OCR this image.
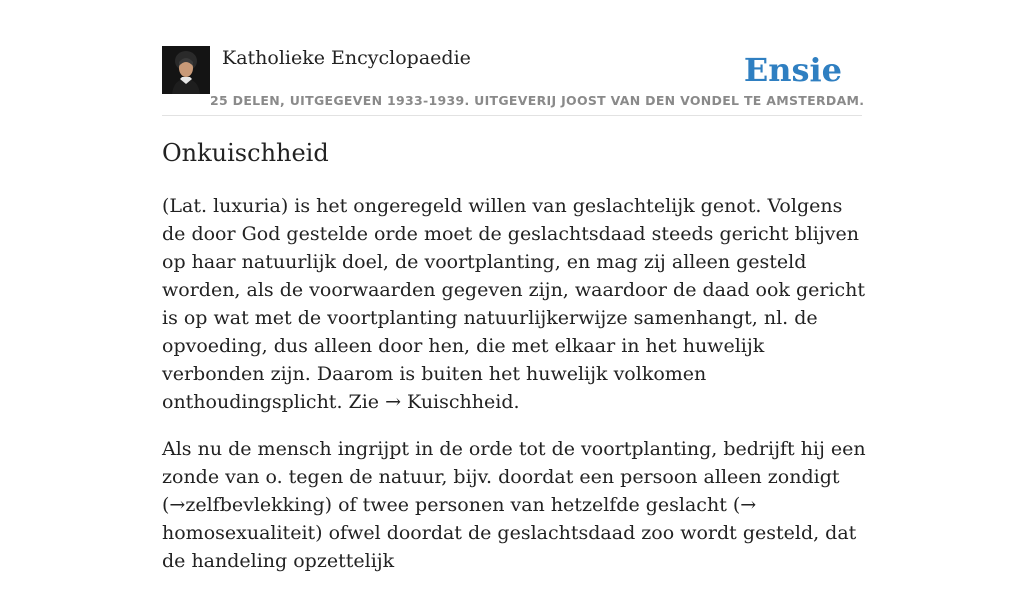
Katholieke Encyclopaedie
25 DELEN, UITGEGEVEN 1933-1939. UITGEVERIJ JOOST VAN DEN VONDEL TE AMSTERDAM.
Ensie
Onkuischheid

(Lat. luxuria) is het ongeregeld willen van geslachtelijk genot. Volgens de door God gestelde orde moet de geslachtsdaad steeds gericht blijven op haar natuurlijk doel, de voortplanting, en mag zij alleen gesteld worden, als de voorwaarden gegeven zijn, waardoor de daad ook gericht is op wat met de voortplanting natuurlijkerwijze samenhangt, nl. de opvoeding, dus alleen door hen, die met elkaar in het huwelijk verbonden zijn. Daarom is buiten het huwelijk volkomen onthoudingsplicht. Zie → Kuischheid.

Als nu de mensch ingrijpt in de orde tot de voortplanting, bedrijft hij een zonde van o. tegen de natuur, bijv. doordat een persoon alleen zondigt (→zelfbevlekking) of twee personen van hetzelfde geslacht (→ homosexualiteit) ofwel doordat de geslachtsdaad zoo wordt gesteld, dat de handeling opzettelijk
